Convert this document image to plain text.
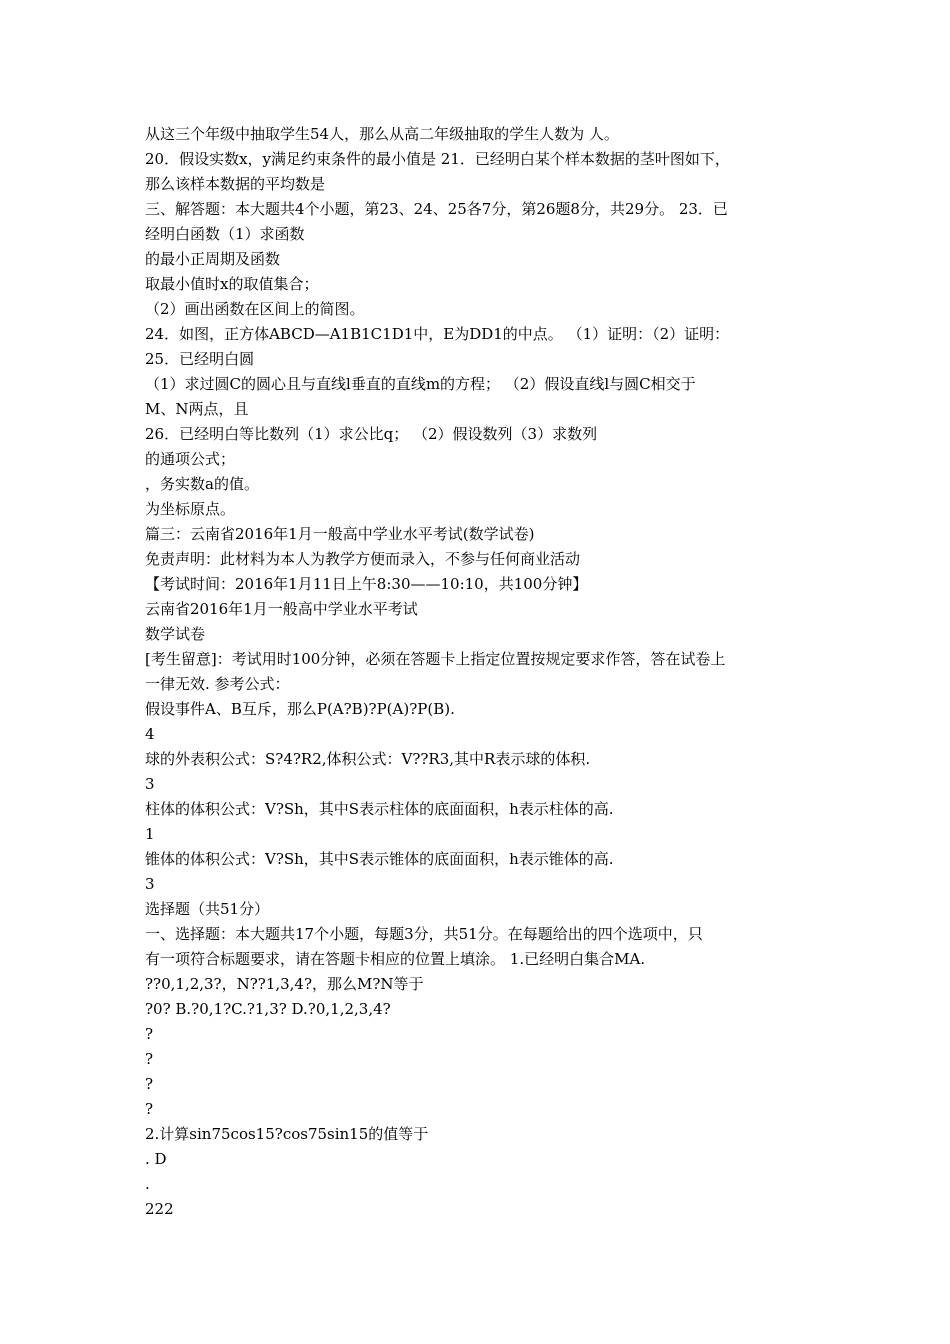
从这三个年级中抽取学生54人，那么从高二年级抽取的学生人数为 人。
20．假设实数x，y满足约束条件的最小值是 21．已经明白某个样本数据的茎叶图如下，
那么该样本数据的平均数是
三、解答题：本大题共4个小题，第23、24、25各7分，第26题8分，共29分。 23．已
经明白函数（1）求函数
的最小正周期及函数
取最小值时x的取值集合；
（2）画出函数在区间上的简图。
24．如图，正方体ABCD—A1B1C1D1中，E为DD1的中点。 （1）证明：（2）证明：
25．已经明白圆
（1）求过圆C的圆心且与直线l垂直的直线m的方程； （2）假设直线l与圆C相交于
M、N两点，且
26．已经明白等比数列（1）求公比q； （2）假设数列（3）求数列
的通项公式；
，务实数a的值。
为坐标原点。
篇三：云南省2016年1月一般高中学业水平考试(数学试卷)
免责声明：此材料为本人为教学方便而录入，不参与任何商业活动
【考试时间：2016年1月11日上午8:30——10:10，共100分钟】
云南省2016年1月一般高中学业水平考试
数学试卷
[考生留意]：考试用时100分钟，必须在答题卡上指定位置按规定要求作答，答在试卷上
一律无效. 参考公式：
假设事件A、B互斥，那么P(A?B)?P(A)?P(B).
4
球的外表积公式：S?4?R2,体积公式：V??R3,其中R表示球的体积.
3
柱体的体积公式：V?Sh，其中S表示柱体的底面面积，h表示柱体的高.
1
锥体的体积公式：V?Sh，其中S表示锥体的底面面积，h表示锥体的高.
3
选择题（共51分）
一、选择题：本大题共17个小题，每题3分，共51分。在每题给出的四个选项中，只
有一项符合标题要求，请在答题卡相应的位置上填涂。 1.已经明白集合MA.
??0,1,2,3?，N??1,3,4?，那么M?N等于
?0? B.?0,1?C.?1,3? D.?0,1,2,3,4?
?
?
?
?
2.计算sin75cos15?cos75sin15的值等于
. D
.
222
